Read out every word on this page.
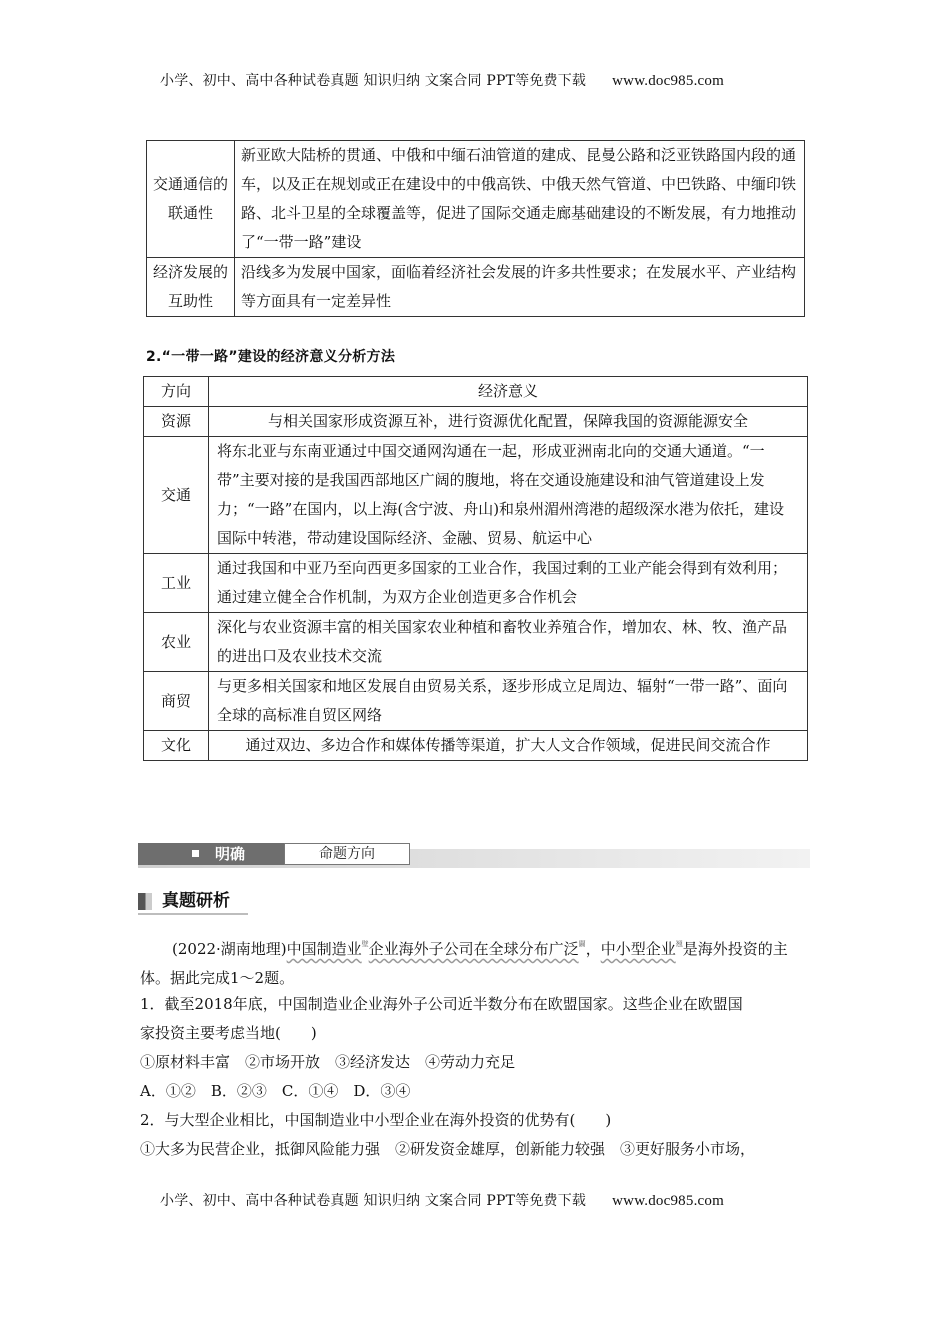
小学、初中、高中各种试卷真题 知识归纳 文案合同 PPT等免费下载 www.doc985.com
交通通信的联通性	新亚欧大陆桥的贯通、中俄和中缅石油管道的建成、昆曼公路和泛亚铁路国内段的通车，以及正在规划或正在建设中的中俄高铁、中俄天然气管道、中巴铁路、中缅印铁路、北斗卫星的全球覆盖等，促进了国际交通走廊基础建设的不断发展，有力地推动了“一带一路”建设
经济发展的互助性	沿线多为发展中国家，面临着经济社会发展的许多共性要求；在发展水平、产业结构等方面具有一定差异性
2.“一带一路”建设的经济意义分析方法
方向	经济意义
资源	与相关国家形成资源互补，进行资源优化配置，保障我国的资源能源安全
交通	将东北亚与东南亚通过中国交通网沟通在一起，形成亚洲南北向的交通大通道。“一带”主要对接的是我国西部地区广阔的腹地，将在交通设施建设和油气管道建设上发力；“一路”在国内，以上海(含宁波、舟山)和泉州湄州湾港的超级深水港为依托，建设国际中转港，带动建设国际经济、金融、贸易、航运中心
工业	通过我国和中亚乃至向西更多国家的工业合作，我国过剩的工业产能会得到有效利用；通过建立健全合作机制，为双方企业创造更多合作机会
农业	深化与农业资源丰富的相关国家农业种植和畜牧业养殖合作，增加农、林、牧、渔产品的进出口及农业技术交流
商贸	与更多相关国家和地区发展自由贸易关系，逐步形成立足周边、辐射“一带一路”、面向全球的高标准自贸区网络
文化	通过双边、多边合作和媒体传播等渠道，扩大人文合作领域，促进民间交流合作
明确	命题方向
真题研析
(2022·湖南地理)中国制造业$^壁$企业海外子公司在全球分布广泛$^闢$，中小型企业$^翘$是海外投资的主体。据此完成1～2题。
1．截至2018年底，中国制造业企业海外子公司近半数分布在欧盟国家。这些企业在欧盟国
家投资主要考虑当地(　　)
①原材料丰富　②市场开放　③经济发达　④劳动力充足
A．①②　B．②③　C．①④　D．③④
2．与大型企业相比，中国制造业中小型企业在海外投资的优势有(　　)
①大多为民营企业，抵御风险能力强　②研发资金雄厚，创新能力较强　③更好服务小市场，
小学、初中、高中各种试卷真题 知识归纳 文案合同 PPT等免费下载 www.doc985.com
